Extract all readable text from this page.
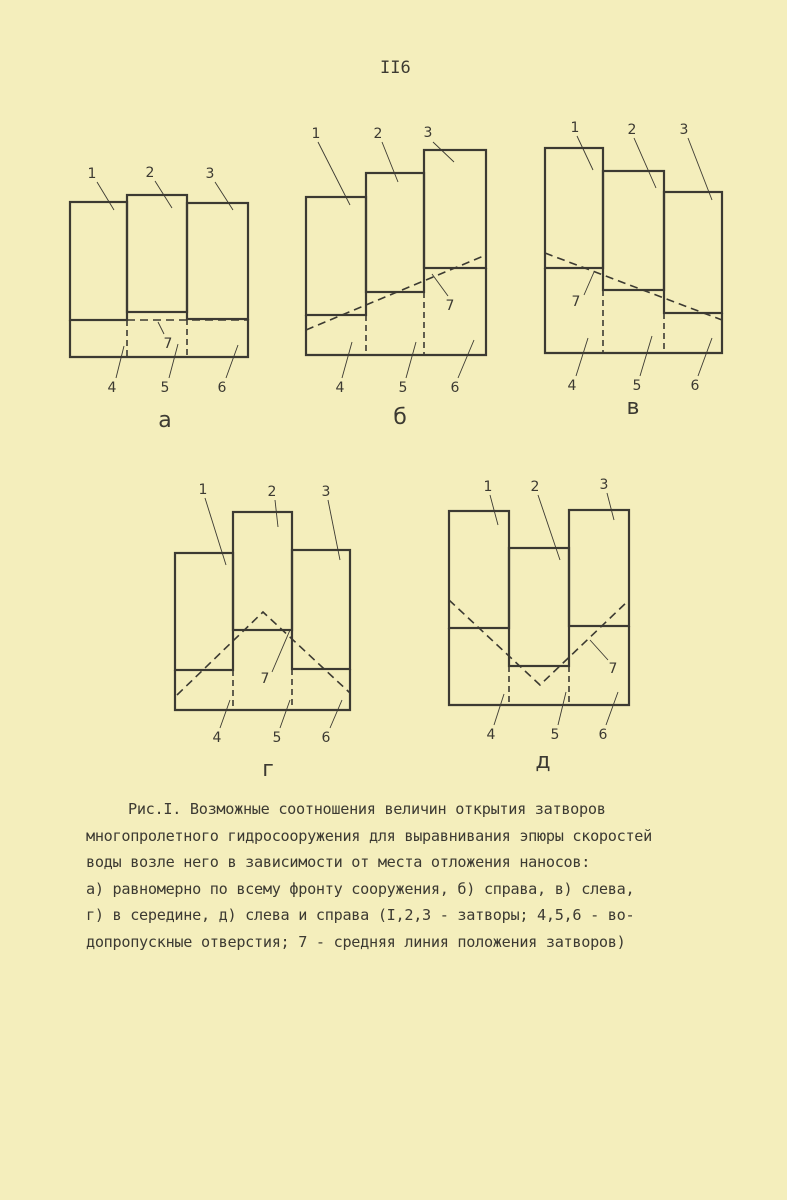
II6
1	2	3
4	5	6
7
а
1	2	3
4	5	6
7
б
1	2	3
4	5	6
7
в
1	2	3
4	5	6
7
г
1	2	3
4	5	6
7
д
Рис.I. Возможные соотношения величин открытия затворов
многопролетного гидросооружения для выравнивания эпюры скоростей
воды возле него в зависимости от места отложения наносов:
а) равномерно по всему фронту сооружения, б) справа, в) слева,
г) в середине, д) слева и справа (I,2,3 - затворы; 4,5,6 - во-
допропускные отверстия; 7 - средняя линия положения затворов)
